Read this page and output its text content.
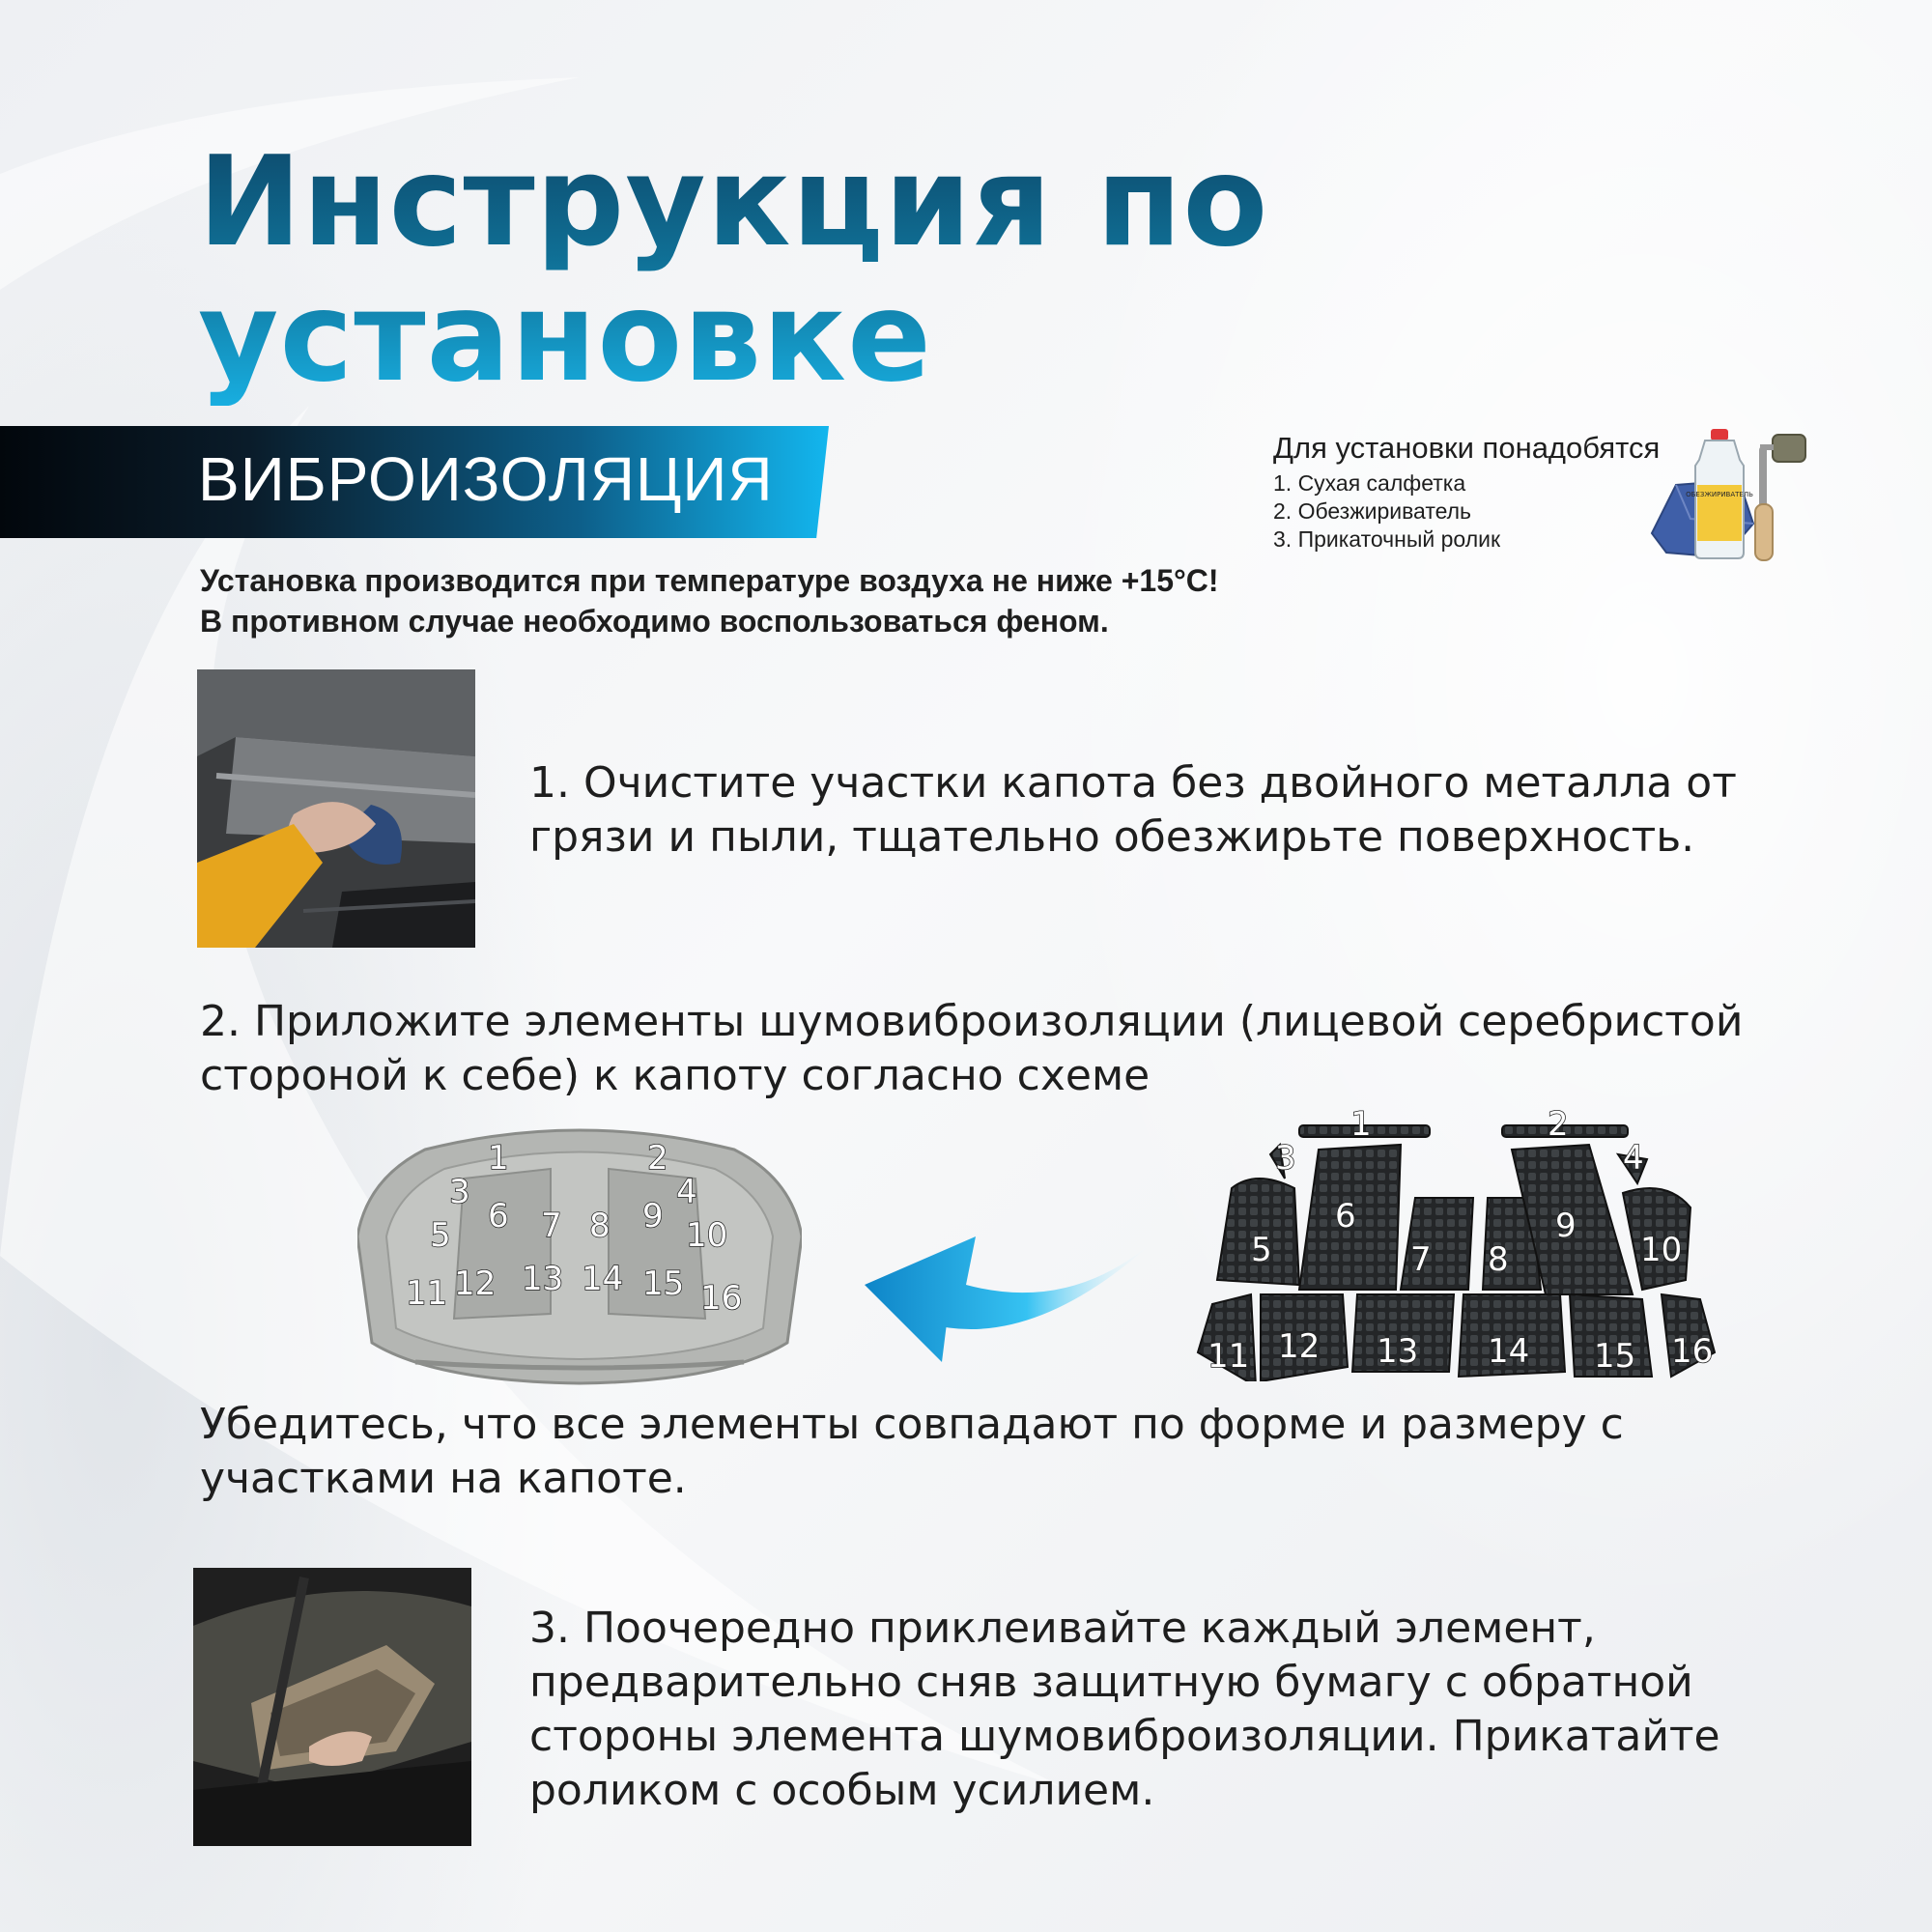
Инструкция по
установке
ВИБРОИЗОЛЯЦИЯ	Для установки понадобятся
1. Сухая салфетка
2. Обезжириватель
3. Прикаточный ролик
ОБЕЗЖИРИВАТЕЛЬ
Установка производится при температуре воздуха не ниже +15°C!
В противном случае необходимо воспользоваться феном.
1. Очистите участки капота без двойного металла от
грязи и пыли, тщательно обезжирьте поверхность.
2. Приложите элементы шумовиброизоляции (лицевой серебристой
стороной к себе) к капоту согласно схеме
1	2
3	4
5 6 7 8 9 10
11 12 13 14 15 16
1	2
3	4
5
6
7 8
9
10
11 12 13 14 15 16
Убедитесь, что все элементы совпадают по форме и размеру с
участками на капоте.
3. Поочередно приклеивайте каждый элемент,
предварительно сняв защитную бумагу с обратной
стороны элемента шумовиброизоляции. Прикатайте
роликом с особым усилием.
